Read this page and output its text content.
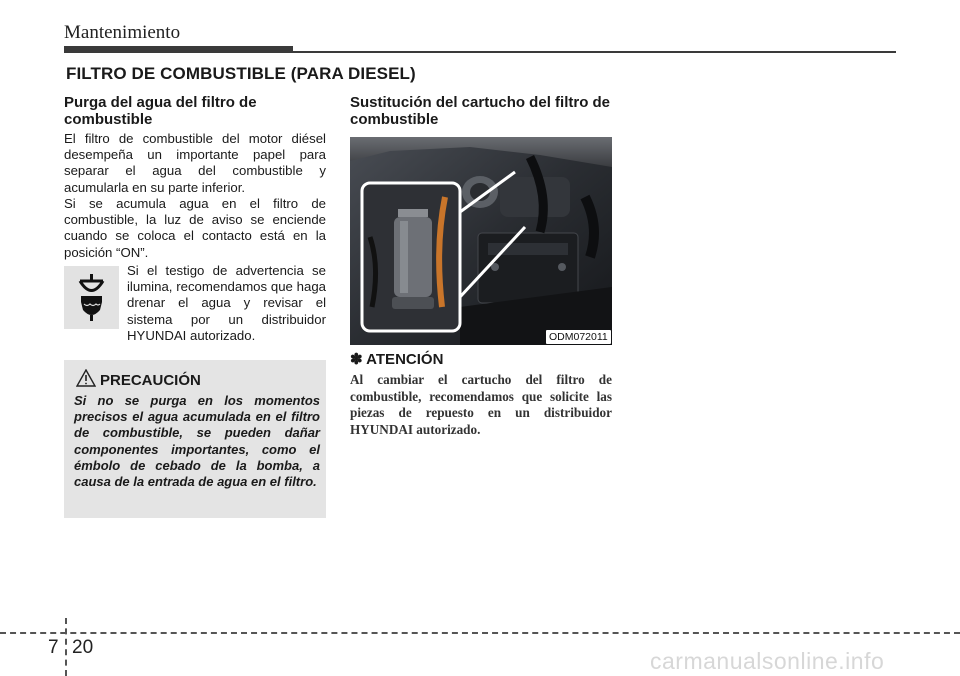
Mantenimiento
FILTRO DE COMBUSTIBLE (PARA DIESEL)
Purga del agua del filtro de combustible
El filtro de combustible del motor diésel desempeña un importante papel para separar el agua del combustible y acumularla en su parte inferior.
Si se acumula agua en el filtro de combustible, la luz de aviso se enciende cuando se coloca el contacto está en la posición “ON”.
Si el testigo de advertencia se ilumina, recomendamos que haga drenar el agua y revisar el sistema por un distribuidor HYUNDAI autorizado.
PRECAUCIÓN
Si no se purga en los momentos precisos el agua acumulada en el filtro de combustible, se pueden dañar componentes importantes, como el émbolo de cebado de la bomba, a causa de la entrada de agua en el filtro.
Sustitución del cartucho del filtro de combustible
ODM072011
✽ ATENCIÓN
Al cambiar el cartucho del filtro de combustible, recomendamos que solicite las piezas de repuesto en un distribuidor HYUNDAI autorizado.
7 20
carmanualsonline.info
